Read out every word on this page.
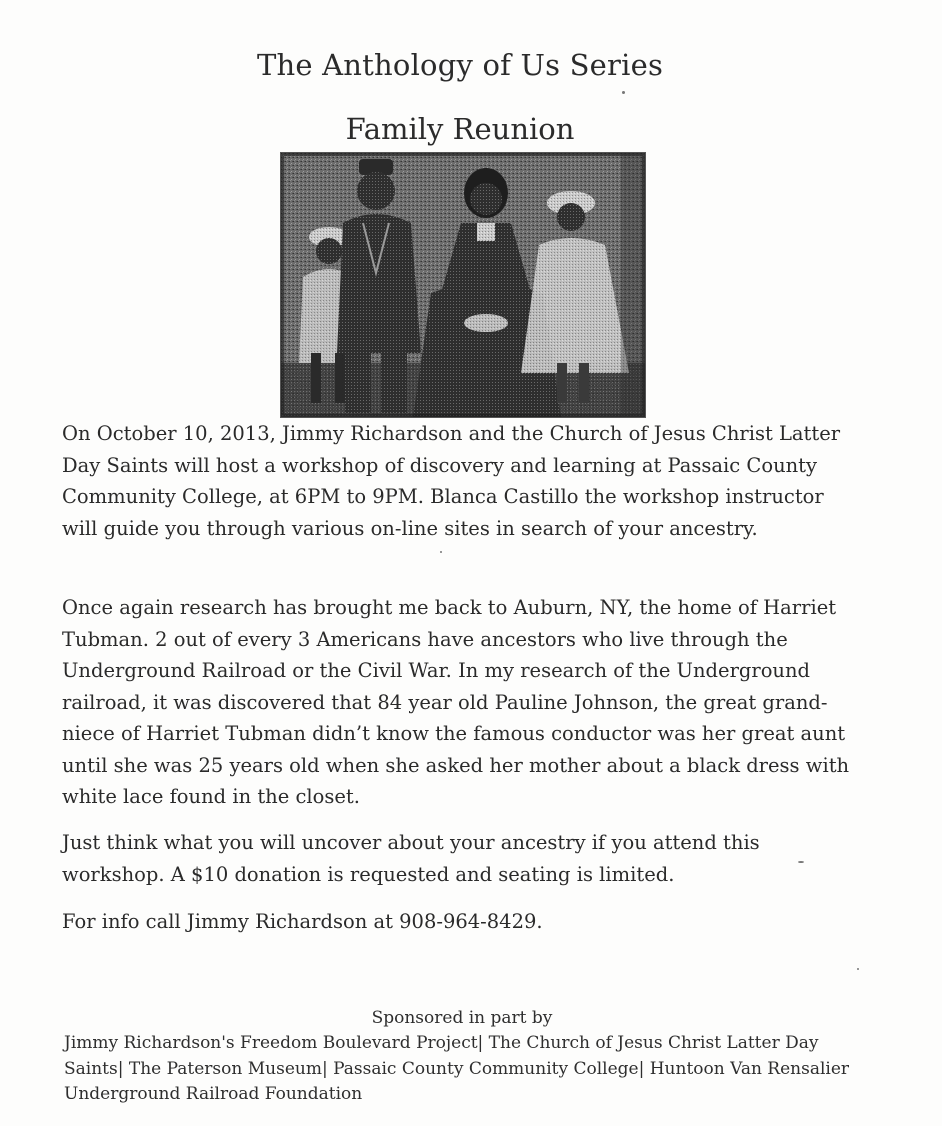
The Anthology of Us Series
Family Reunion
On October 10, 2013, Jimmy Richardson and the Church of Jesus Christ Latter Day Saints will host a workshop of discovery and learning at Passaic County Community College, at 6PM to 9PM. Blanca Castillo the workshop instructor will guide you through various on-line sites in search of your ancestry.
Once again research has brought me back to Auburn, NY, the home of Harriet Tubman. 2 out of every 3 Americans have ancestors who live through the Underground Railroad or the Civil War. In my research of the Underground railroad, it was discovered that 84 year old Pauline Johnson, the great grand-niece of Harriet Tubman didn’t know the famous conductor was her great aunt until she was 25 years old when she asked her mother about a black dress with white lace found in the closet.
Just think what you will uncover about your ancestry if you attend this workshop. A $10 donation is requested and seating is limited.
For info call Jimmy Richardson at 908-964-8429.
Sponsored in part by
Jimmy Richardson's Freedom Boulevard Project| The Church of Jesus Christ Latter Day Saints| The Paterson Museum| Passaic County Community College| Huntoon Van Rensalier Underground Railroad Foundation
